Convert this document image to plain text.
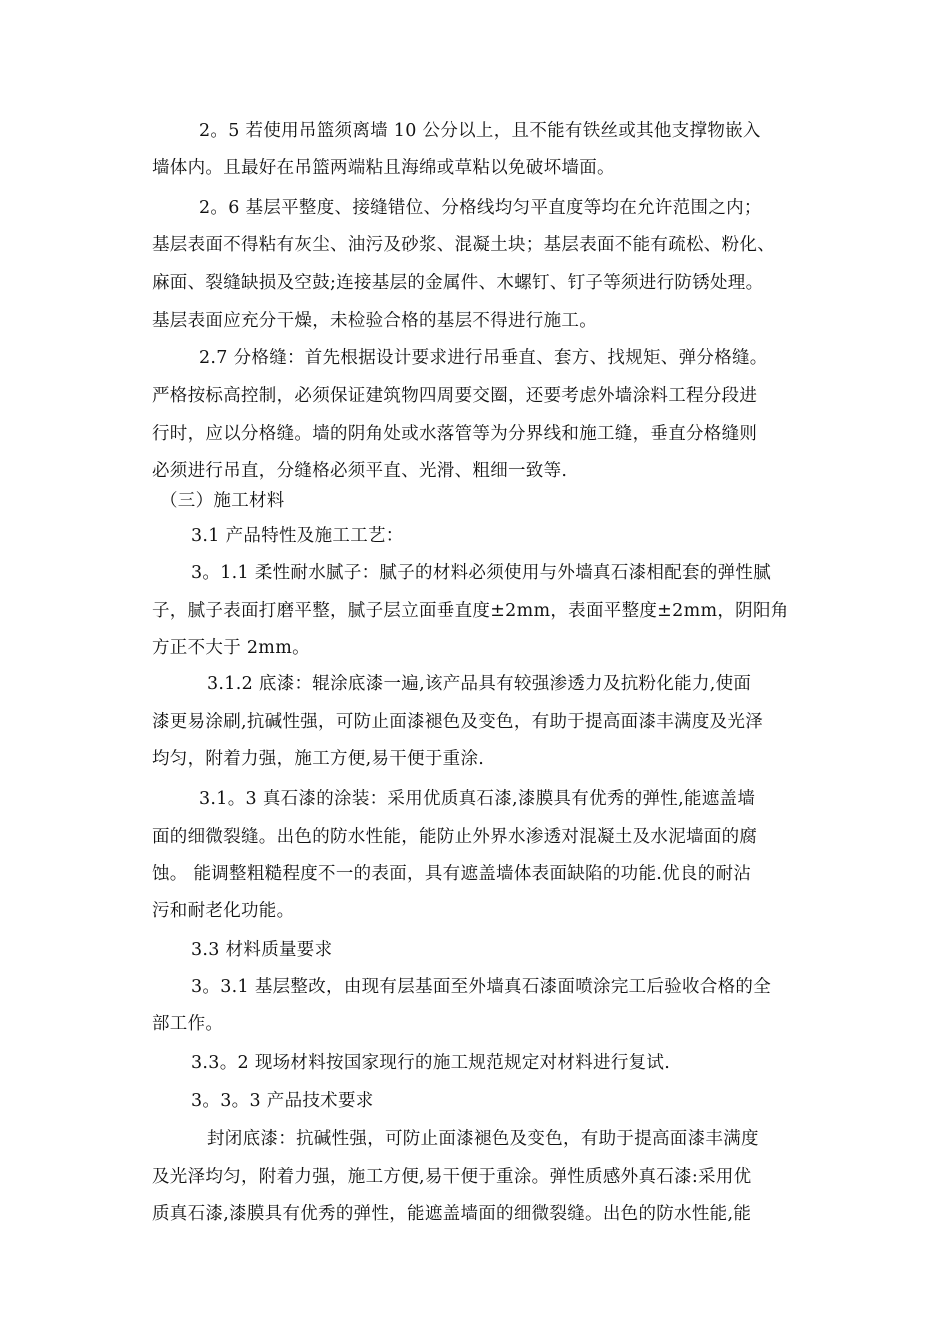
2。5 若使用吊篮须离墙 10 公分以上，且不能有铁丝或其他支撑物嵌入
墙体内。且最好在吊篮两端粘且海绵或草粘以免破坏墙面。
2。6 基层平整度、接缝错位、分格线均匀平直度等均在允许范围之内；
基层表面不得粘有灰尘、油污及砂浆、混凝土块；基层表面不能有疏松、粉化、
麻面、裂缝缺损及空鼓;连接基层的金属件、木螺钉、钉子等须进行防锈处理。
基层表面应充分干燥，未检验合格的基层不得进行施工。
2.7 分格缝：首先根据设计要求进行吊垂直、套方、找规矩、弹分格缝。
严格按标高控制，必须保证建筑物四周要交圈，还要考虑外墙涂料工程分段进
行时，应以分格缝。墙的阴角处或水落管等为分界线和施工缝，垂直分格缝则
必须进行吊直，分缝格必须平直、光滑、粗细一致等.
（三）施工材料
3.1 产品特性及施工工艺：
3。1.1 柔性耐水腻子：腻子的材料必须使用与外墙真石漆相配套的弹性腻
子，腻子表面打磨平整，腻子层立面垂直度±2mm，表面平整度±2mm，阴阳角
方正不大于 2mm。
3.1.2 底漆：辊涂底漆一遍,该产品具有较强渗透力及抗粉化能力,使面
漆更易涂刷,抗碱性强，可防止面漆褪色及变色，有助于提高面漆丰满度及光泽
均匀，附着力强，施工方便,易干便于重涂.
3.1。3 真石漆的涂装：采用优质真石漆,漆膜具有优秀的弹性,能遮盖墙
面的细微裂缝。出色的防水性能，能防止外界水渗透对混凝土及水泥墙面的腐
蚀。 能调整粗糙程度不一的表面，具有遮盖墙体表面缺陷的功能.优良的耐沾
污和耐老化功能。
3.3 材料质量要求
3。3.1 基层整改，由现有层基面至外墙真石漆面喷涂完工后验收合格的全
部工作。
3.3。2 现场材料按国家现行的施工规范规定对材料进行复试.
3。3。3 产品技术要求
封闭底漆：抗碱性强，可防止面漆褪色及变色，有助于提高面漆丰满度
及光泽均匀，附着力强，施工方便,易干便于重涂。弹性质感外真石漆:采用优
质真石漆,漆膜具有优秀的弹性，能遮盖墙面的细微裂缝。出色的防水性能,能
